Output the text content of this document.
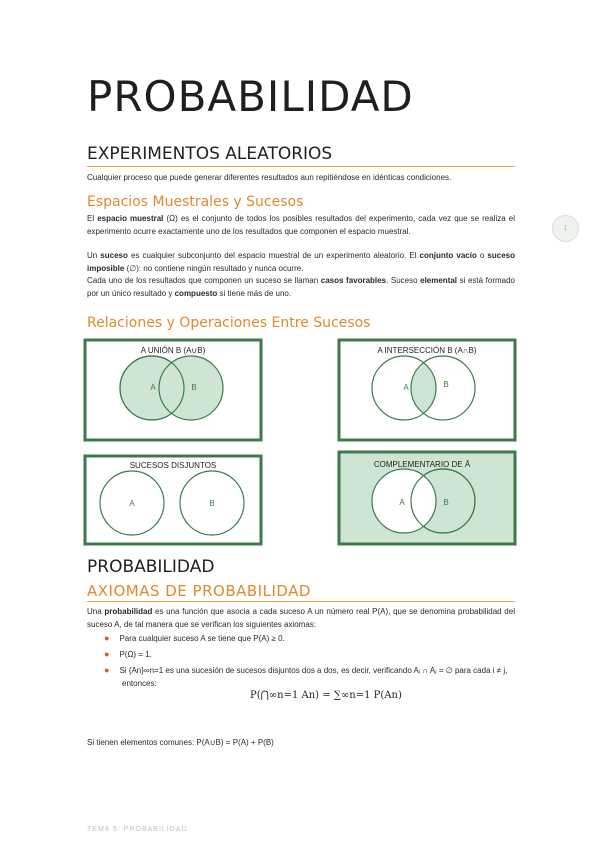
PROBABILIDAD
EXPERIMENTOS ALEATORIOS
Cualquier proceso que puede generar diferentes resultados aun repitiéndose en idénticas condiciones.
Espacios Muestrales y Sucesos
El espacio muestral (Ω) es el conjunto de todos los posibles resultados del experimento, cada vez que se realiza el experimento ocurre exactamente uno de los resultados que componen el espacio muestral.
Un suceso es cualquier subconjunto del espacio muestral de un experimento aleatorio. El conjunto vacío o suceso imposible (∅): no contiene ningún resultado y nunca ocurre.
Cada uno de los resultados que componen un suceso se llaman casos favorables. Suceso elemental si está formado por un único resultado y compuesto si tiene más de uno.
1
Relaciones y Operaciones Entre Sucesos
A UNIÓN B (A∪B)
A	B
A INTERSECCIÓN B (A∩B)
A	B
SUCESOS DISJUNTOS
A	B
COMPLEMENTARIO DE Ā
A	B
PROBABILIDAD
AXIOMAS DE PROBABILIDAD
Una probabilidad es una función que asocia a cada suceso A un número real P(A), que se denomina probabilidad del suceso A, de tal manera que se verifican los siguientes axiomas:
● Para cualquier suceso A se tiene que P(A) ≥ 0.
● P(Ω) = 1.
● Si {An}∞n=1 es una sucesión de sucesos disjuntos dos a dos, es decir, verificando Aᵢ ∩ Aⱼ = ∅ para cada i ≠ j, entonces:
P(⋂∞n=1 An) = ∑∞n=1 P(An)
Si tienen elementos comunes: P(A∪B) = P(A) + P(B)
TEMA 5: PROBABILIDAD
